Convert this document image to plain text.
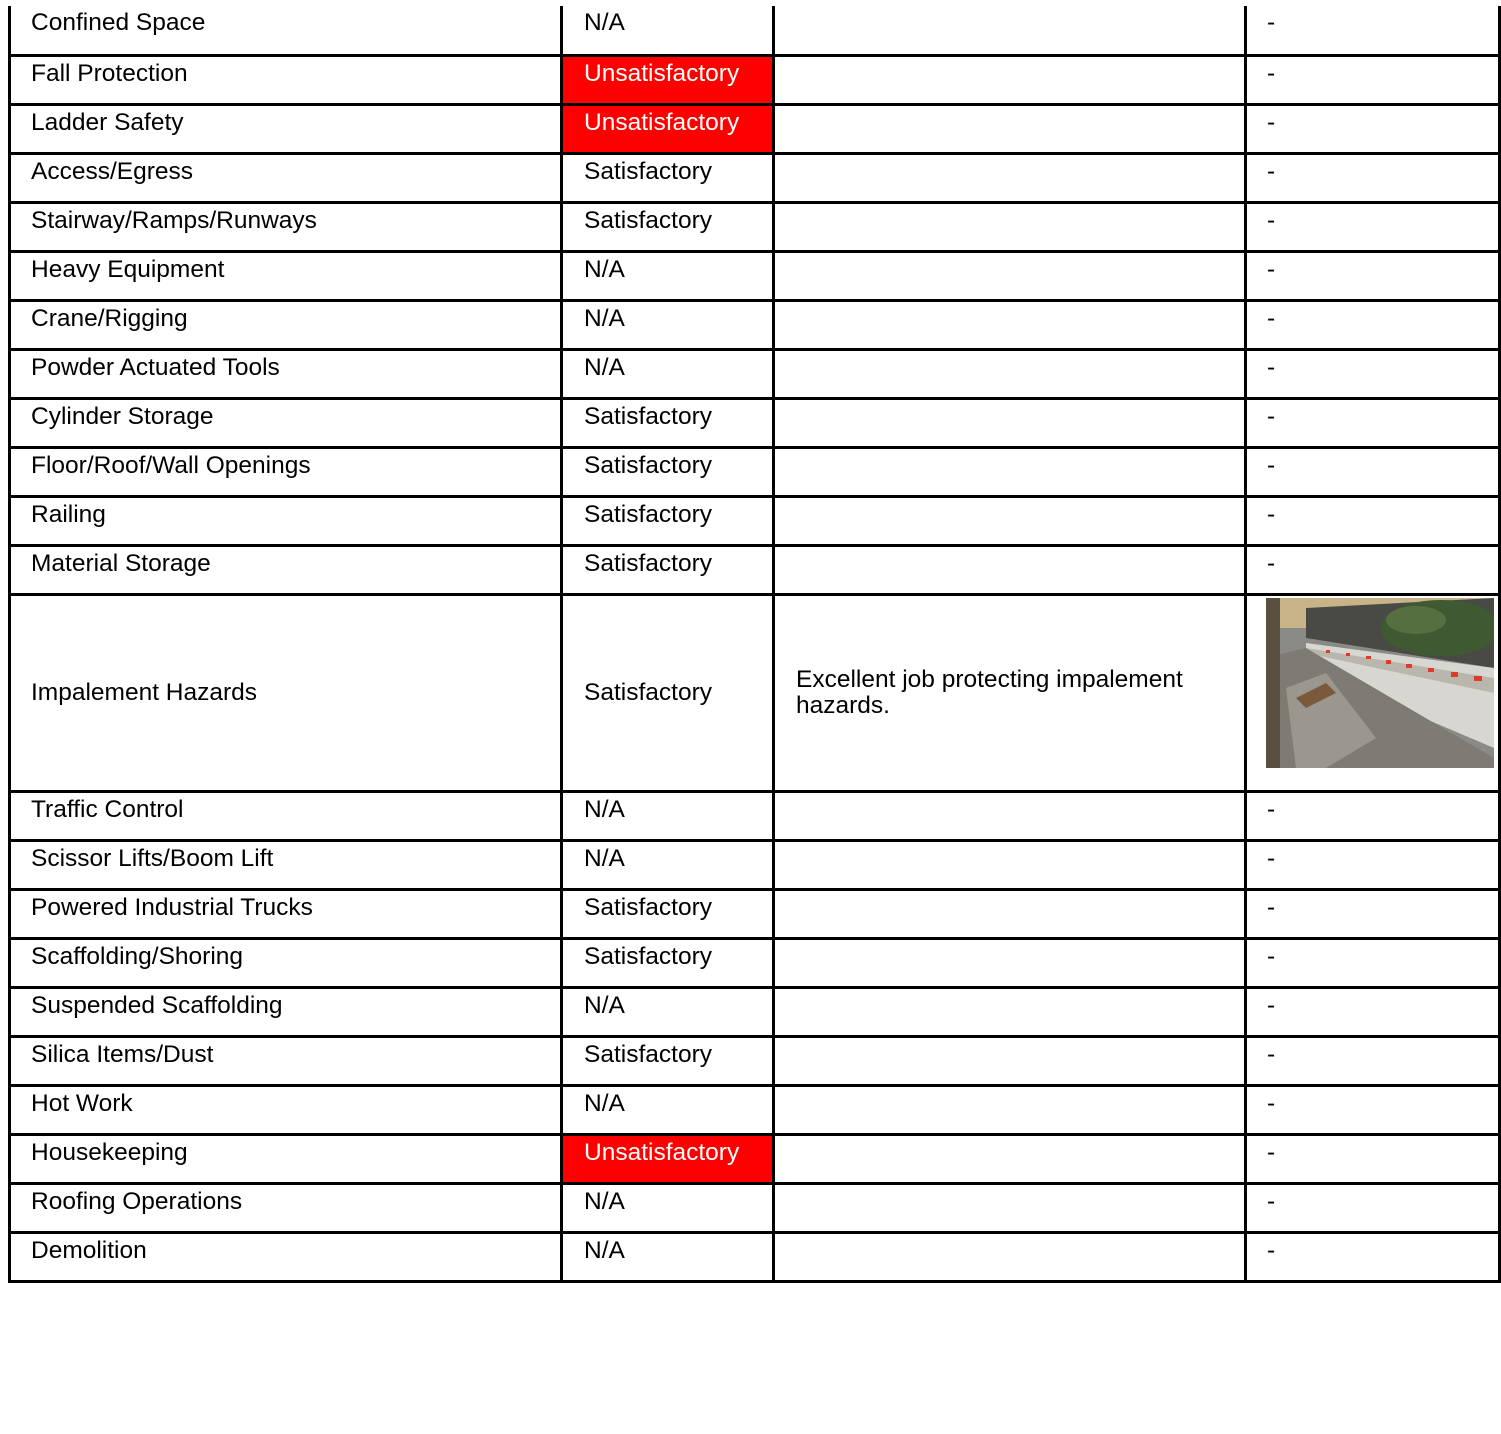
Confined Space	N/A		-
Fall Protection	Unsatisfactory		-
Ladder Safety	Unsatisfactory		-
Access/Egress	Satisfactory		-
Stairway/Ramps/Runways	Satisfactory		-
Heavy Equipment	N/A		-
Crane/Rigging	N/A		-
Powder Actuated Tools	N/A		-
Cylinder Storage	Satisfactory		-
Floor/Roof/Wall Openings	Satisfactory		-
Railing	Satisfactory		-
Material Storage	Satisfactory		-
Impalement Hazards	Satisfactory	Excellent job protecting impalement hazards.	

Traffic Control	N/A		-
Scissor Lifts/Boom Lift	N/A		-
Powered Industrial Trucks	Satisfactory		-
Scaffolding/Shoring	Satisfactory		-
Suspended Scaffolding	N/A		-
Silica Items/Dust	Satisfactory		-
Hot Work	N/A		-
Housekeeping	Unsatisfactory		-
Roofing Operations	N/A		-
Demolition	N/A		-
